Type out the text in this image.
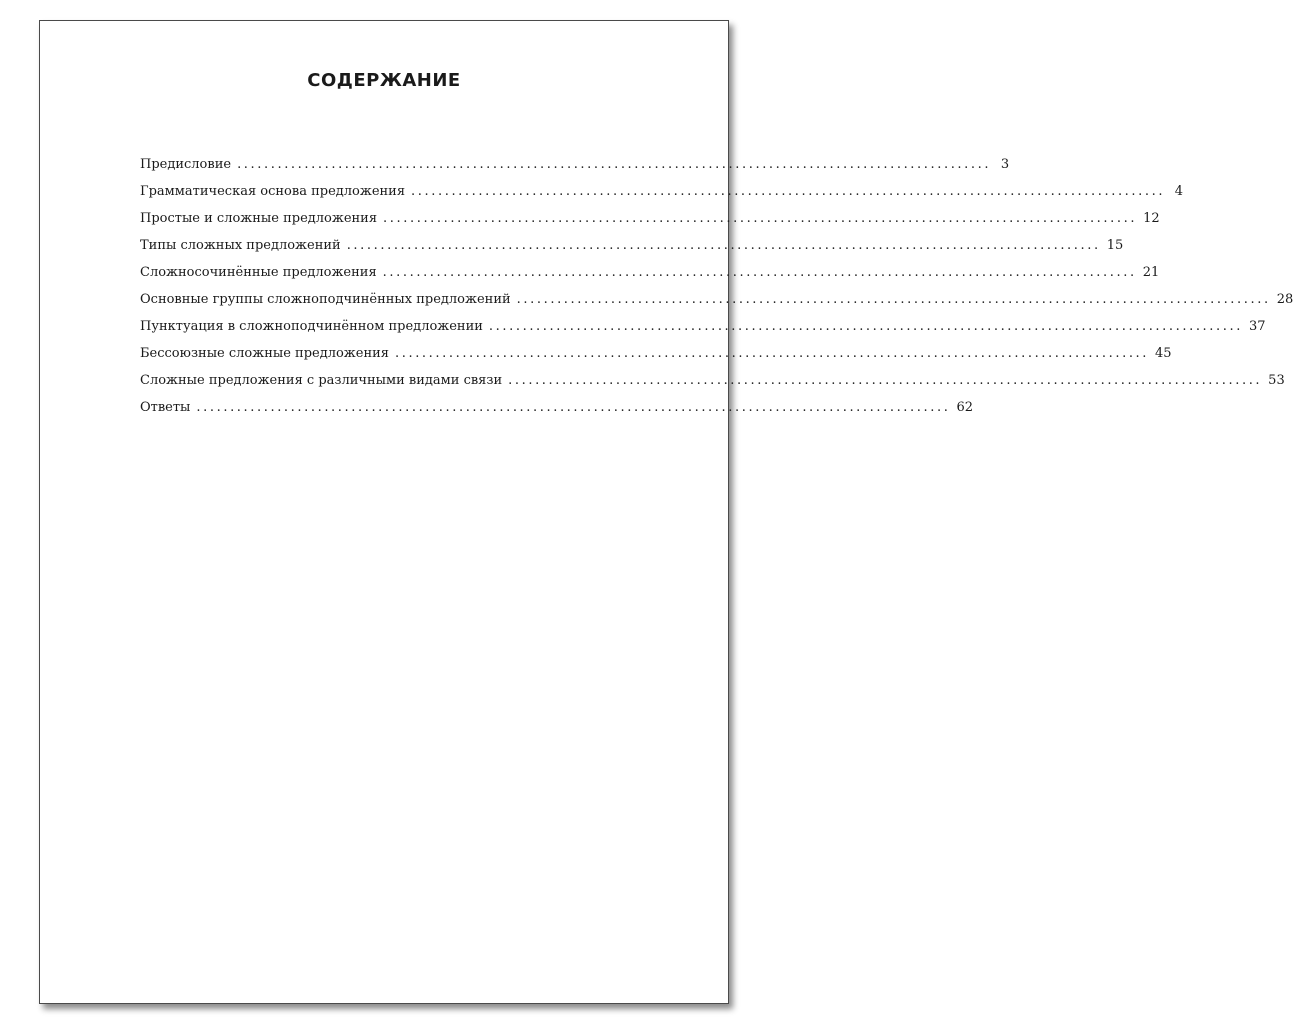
СОДЕРЖАНИЕ
Предисловие ................................................................................................................ 3
Грамматическая основа предложения ................................................................................................................ 4
Простые и сложные предложения ................................................................................................................ 12
Типы сложных предложений ................................................................................................................ 15
Сложносочинённые предложения ................................................................................................................ 21
Основные группы сложноподчинённых предложений ................................................................................................................ 28
Пунктуация в сложноподчинённом предложении ................................................................................................................ 37
Бессоюзные сложные предложения ................................................................................................................ 45
Сложные предложения с различными видами связи ................................................................................................................ 53
Ответы ................................................................................................................ 62
